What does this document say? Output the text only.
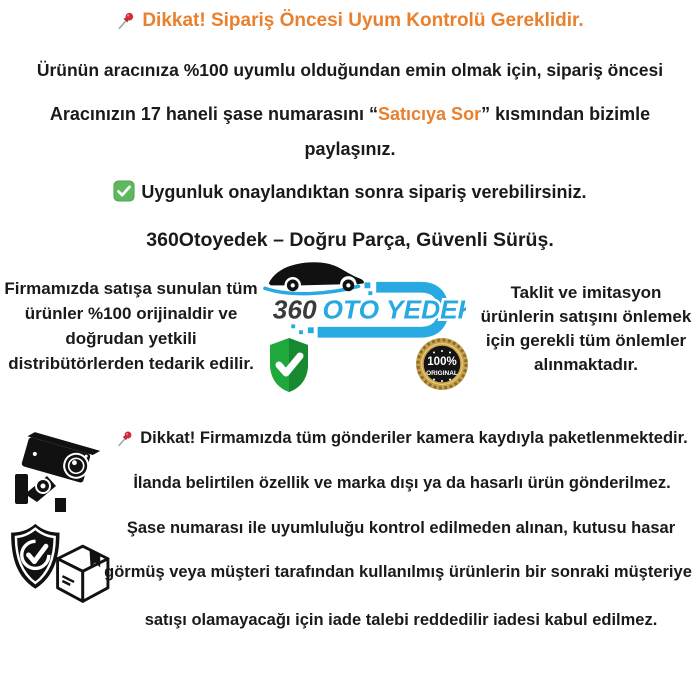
Dikkat! Sipariş Öncesi Uyum Kontrolü Gereklidir.
Ürünün aracınıza %100 uyumlu olduğundan emin olmak için, sipariş öncesi
Aracınızın 17 haneli şase numarasını “Satıcıya Sor” kısmından bizimle
paylaşınız.
Uygunluk onaylandıktan sonra sipariş verebilirsiniz.
360Otoyedek – Doğru Parça, Güvenli Sürüş.
Firmamızda satışa sunulan tüm ürünler %100 orijinaldir ve doğrudan yetkili distribütörlerden tedarik edilir.
Taklit ve imitasyon ürünlerin satışını önlemek için gerekli tüm önlemler alınmaktadır.
360 OTO YEDEK
100%
ORIGINAL
Dikkat! Firmamızda tüm gönderiler kamera kaydıyla paketlenmektedir.
İlanda belirtilen özellik ve marka dışı ya da hasarlı ürün gönderilmez.
Şase numarası ile uyumluluğu kontrol edilmeden alınan, kutusu hasar
görmüş veya müşteri tarafından kullanılmış ürünlerin bir sonraki müşteriye
satışı olamayacağı için iade talebi reddedilir iadesi kabul edilmez.
